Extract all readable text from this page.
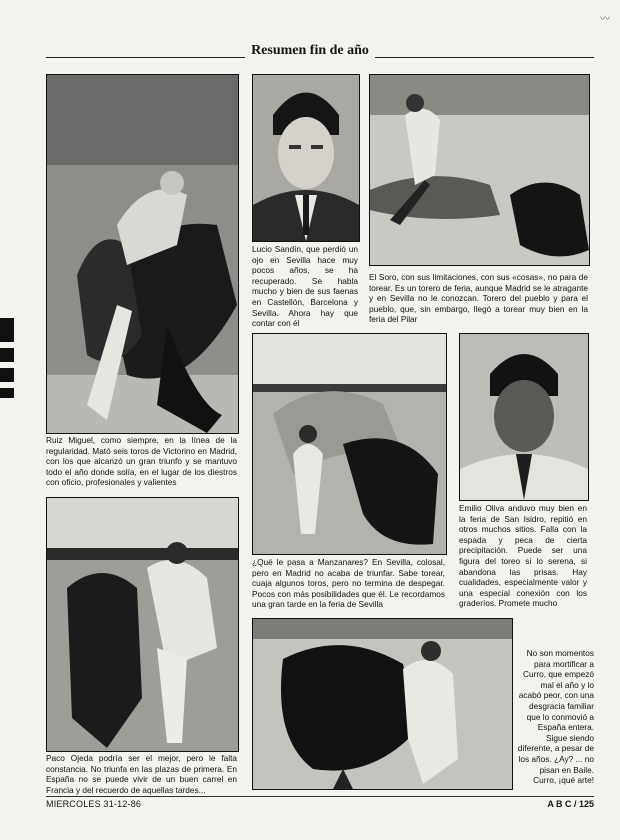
〰
Resumen fin de año
Ruiz Miguel, como siempre, en la línea de la regularidad. Mató seis toros de Victorino en Madrid, con los que alcanzó un gran triunfo y se mantuvo todo el año donde solía, en el lugar de los diestros con oficio, profesionales y valientes
Lucio Sandín, que perdió un ojo en Sevilla hace muy pocos años, se ha recuperado. Se habla mucho y bien de sus faenas en Castellón, Barcelona y Sevilla. Ahora hay que contar con él
El Soro, con sus limitaciones, con sus «cosas», no para de torear. Es un torero de feria, aunque Madrid se le atragante y en Sevilla no le conozcan. Torero del pueblo y para el pueblo, que, sin embargo, llegó a torear muy bien en la feria del Pilar
¿Qué le pasa a Manzanares? En Sevilla, colosal, pero en Madrid no acaba de triunfar. Sabe torear, cuaja algunos toros, pero no termina de despegar. Pocos con más posibilidades que él. Le recordamos una gran tarde en la feria de Sevilla
Emilio Oliva anduvo muy bien en la feria de San Isidro, repitió en otros muchos sitios. Falla con la espada y peca de cierta precipitación. Puede ser una figura del toreo si lo serena, si abandona las prisas. Hay cualidades, especialmente valor y una especial conexión con los graderíos. Promete mucho
Paco Ojeda podría ser el mejor, pero le falta constancia. No triunfa en las plazas de primera. En España no se puede vivir de un buen carrel en Francia y del recuerdo de aquellas tardes...
No son momentos para mortificar a Curro, que empezó mal el año y lo acabó peor, con una desgracia familiar que lo conmovió a España entera. Sigue siendo diferente, a pesar de los años. ¿Ay? ... no pisan en Baile. Curro, ¡qué arte!
MIERCOLES 31-12-86	A B C / 125
